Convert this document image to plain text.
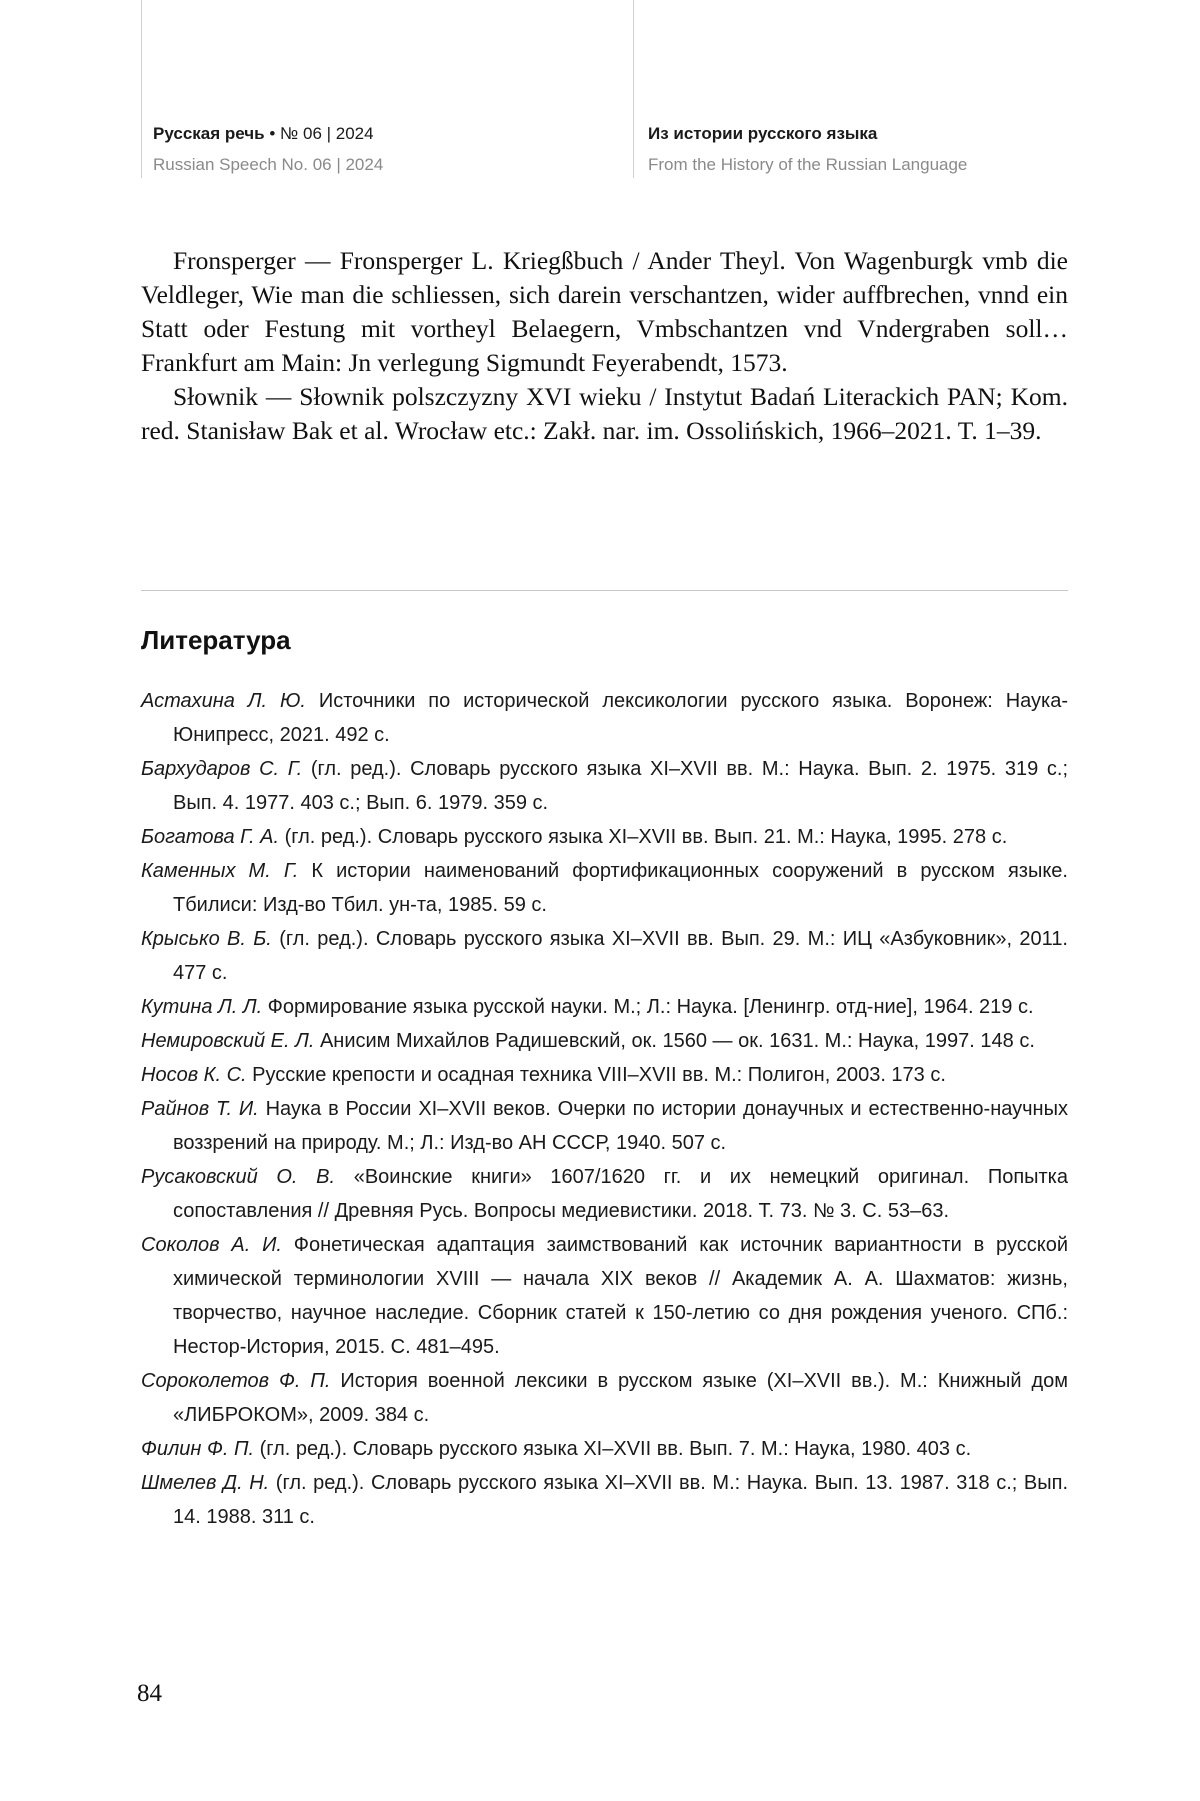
Русская речь • № 06 | 2024
Russian Speech No. 06 | 2024
Из истории русского языка
From the History of the Russian Language

Fronsperger — Fronsperger L. Kriegßbuch / Ander Theyl. Von Wagenburgk vmb die Veldleger, Wie man die schliessen, sich darein verschantzen, wider auffbrechen, vnnd ein Statt oder Festung mit vortheyl Belaegern, Vmbschantzen vnd Vndergraben soll… Frankfurt am Main: Jn verlegung Sigmundt Feyerabendt, 1573.

Słownik — Słownik polszczyzny XVI wieku / Instytut Badań Literackich PAN; Kom. red. Stanisław Bak et al. Wrocław etc.: Zakł. nar. im. Ossolińskich, 1966–2021. T. 1–39.

Литература

Астахина Л. Ю. Источники по исторической лексикологии русского языка. Воронеж: Наука-Юнипресс, 2021. 492 с.

Бархударов С. Г. (гл. ред.). Словарь русского языка XI–XVII вв. М.: Наука. Вып. 2. 1975. 319 с.; Вып. 4. 1977. 403 с.; Вып. 6. 1979. 359 с.

Богатова Г. А. (гл. ред.). Словарь русского языка XI–XVII вв. Вып. 21. М.: Наука, 1995. 278 с.

Каменных М. Г. К истории наименований фортификационных сооружений в русском языке. Тбилиси: Изд-во Тбил. ун-та, 1985. 59 с.

Крысько В. Б. (гл. ред.). Словарь русского языка XI–XVII вв. Вып. 29. М.: ИЦ «Азбуковник», 2011. 477 с.

Кутина Л. Л. Формирование языка русской науки. М.; Л.: Наука. [Ленингр. отд-ние], 1964. 219 с.

Немировский Е. Л. Анисим Михайлов Радишевский, ок. 1560 — ок. 1631. М.: Наука, 1997. 148 с.

Носов К. С. Русские крепости и осадная техника VIII–XVII вв. М.: Полигон, 2003. 173 с.

Райнов Т. И. Наука в России XI–XVII веков. Очерки по истории донаучных и естественно-научных воззрений на природу. М.; Л.: Изд-во АН СССР, 1940. 507 с.

Русаковский О. В. «Воинские книги» 1607/1620 гг. и их немецкий оригинал. Попытка сопоставления // Древняя Русь. Вопросы медиевистики. 2018. Т. 73. № 3. С. 53–63.

Соколов А. И. Фонетическая адаптация заимствований как источник вариантности в русской химической терминологии XVIII — начала XIX веков // Академик А. А. Шахматов: жизнь, творчество, научное наследие. Сборник статей к 150-летию со дня рождения ученого. СПб.: Нестор-История, 2015. С. 481–495.

Сороколетов Ф. П. История военной лексики в русском языке (XI–XVII вв.). М.: Книжный дом «ЛИБРОКОМ», 2009. 384 с.

Филин Ф. П. (гл. ред.). Словарь русского языка XI–XVII вв. Вып. 7. М.: Наука, 1980. 403 с.

Шмелев Д. Н. (гл. ред.). Словарь русского языка XI–XVII вв. М.: Наука. Вып. 13. 1987. 318 с.; Вып. 14. 1988. 311 с.

84
